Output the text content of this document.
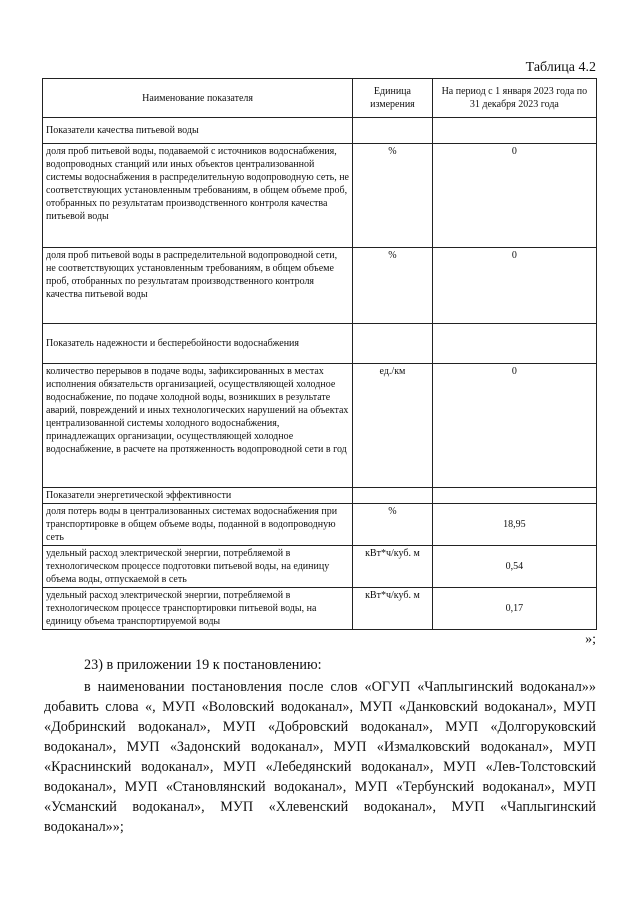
Таблица 4.2
Наименование показателя	Единица измерения	На период с 1 января 2023 года по 31 декабря 2023 года
Показатели качества питьевой воды		
доля проб питьевой воды, подаваемой с источников водоснабжения, водопроводных станций или иных объектов централизованной системы водоснабжения в распределительную водопроводную сеть, не соответствующих установленным требованиям, в общем объеме проб, отобранных по результатам производственного контроля качества питьевой воды	%	0
доля проб питьевой воды в распределительной водопроводной сети, не соответствующих установленным требованиям, в общем объеме проб, отобранных по результатам производственного контроля качества питьевой воды	%	0
Показатель надежности и бесперебойности водоснабжения		
количество перерывов в подаче воды, зафиксированных в местах исполнения обязательств организацией, осуществляющей холодное водоснабжение, по подаче холодной воды, возникших в результате аварий, повреждений и иных технологических нарушений на объектах централизованной системы холодного водоснабжения, принадлежащих организации, осуществляющей холодное водоснабжение, в расчете на протяженность водопроводной сети в год	ед./км	0
Показатели энергетической эффективности		
доля потерь воды в централизованных системах водоснабжения при транспортировке в общем объеме воды, поданной в водопроводную сеть	%	18,95
удельный расход электрической энергии, потребляемой в технологическом процессе подготовки питьевой воды, на единицу объема воды, отпускаемой в сеть	кВт*ч/куб. м	0,54
удельный расход электрической энергии, потребляемой в технологическом процессе транспортировки питьевой воды, на единицу объема транспортируемой воды	кВт*ч/куб. м	0,17
»;
23) в приложении 19 к постановлению:
в наименовании постановления после слов «ОГУП «Чаплыгинский водоканал»» добавить слова «, МУП «Воловский водоканал», МУП «Данковский водоканал», МУП «Добринский водоканал», МУП «Добровский водоканал», МУП «Долгоруковский водоканал», МУП «Задонский водоканал», МУП «Измалковский водоканал», МУП «Краснинский водоканал», МУП «Лебедянский водоканал», МУП «Лев-Толстовский водоканал», МУП «Становлянский водоканал», МУП «Тербунский водоканал», МУП «Усманский водоканал», МУП «Хлевенский водоканал», МУП «Чаплыгинский водоканал»»;
